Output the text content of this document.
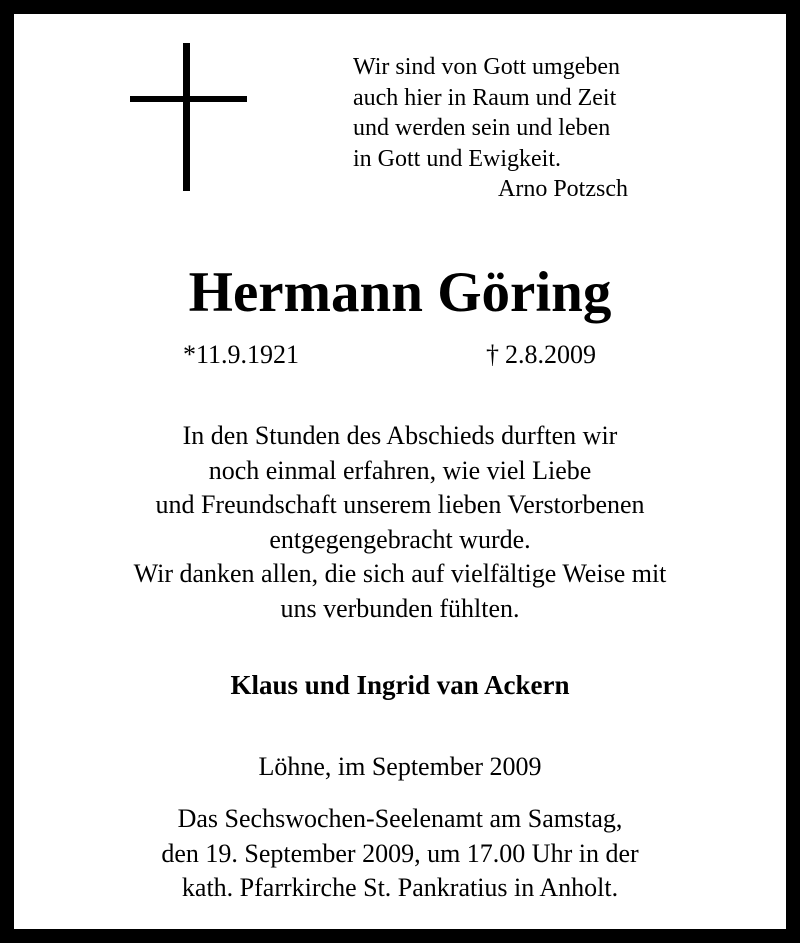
Wir sind von Gott umgeben
auch hier in Raum und Zeit
und werden sein und leben
in Gott und Ewigkeit.
Arno Potzsch
Hermann Göring
*11.9.1921	† 2.8.2009
In den Stunden des Abschieds durften wir
noch einmal erfahren, wie viel Liebe
und Freundschaft unserem lieben Verstorbenen
entgegengebracht wurde.
Wir danken allen, die sich auf vielfältige Weise mit
uns verbunden fühlten.
Klaus und Ingrid van Ackern
Löhne, im September 2009
Das Sechswochen-Seelenamt am Samstag,
den 19. September 2009, um 17.00 Uhr in der
kath. Pfarrkirche St. Pankratius in Anholt.
